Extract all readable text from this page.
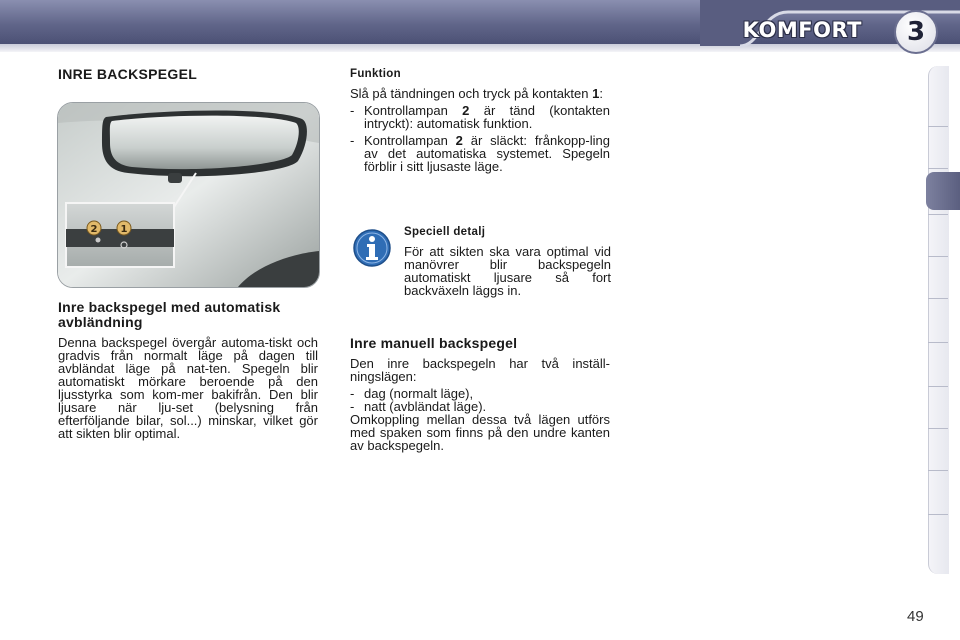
KOMFORT	3
INRE BACKSPEGEL
2 1
Inre backspegel med automatisk avbländning

Denna backspegel övergår automa-tiskt och gradvis från normalt läge på dagen till avbländat läge på nat-ten. Spegeln blir automatiskt mörkare beroende på den ljusstyrka som kom-mer bakifrån. Den blir ljusare när lju-set (belysning från efterföljande bilar, sol...) minskar, vilket gör att sikten blir optimal.

Funktion

Slå på tändningen och tryck på kontakten 1:

- Kontrollampan 2 är tänd (kontakten intryckt): automatisk funktion.
- Kontrollampan 2 är släckt: frånkopp-ling av det automatiska systemet. Spegeln förblir i sitt ljusaste läge.
Speciell detalj

För att sikten ska vara optimal vid manövrer blir backspegeln automatiskt ljusare så fort backväxeln läggs in.

Inre manuell backspegel

Den inre backspegeln har två inställ-ningslägen:

- dag (normalt läge),
- natt (avbländat läge).

Omkoppling mellan dessa två lägen utförs med spaken som finns på den undre kanten av backspegeln.

49
